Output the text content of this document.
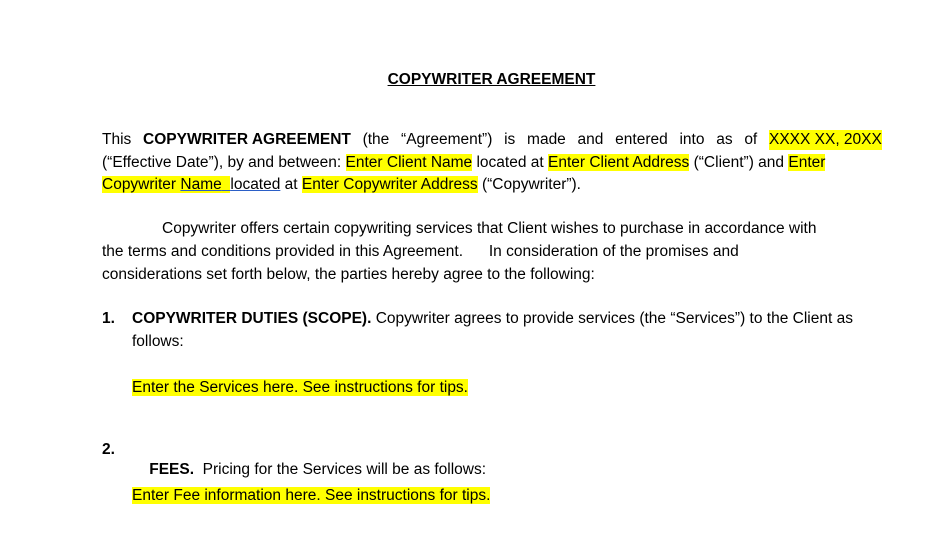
COPYWRITER AGREEMENT
This COPYWRITER AGREEMENT (the “Agreement”) is made and entered into as of XXXX XX, 20XX
(“Effective Date”), by and between: Enter Client Name located at Enter Client Address (“Client”) and Enter
Copywriter Name located at Enter Copywriter Address (“Copywriter”).
Copywriter offers certain copywriting services that Client wishes to purchase in accordance with
the terms and conditions provided in this Agreement.      In consideration of the promises and
considerations set forth below, the parties hereby agree to the following:
1. COPYWRITER DUTIES (SCOPE). Copywriter agrees to provide services (the “Services”) to the Client as
follows:
Enter the Services here. See instructions for tips.
2.

FEES.  Pricing for the Services will be as follows:

Enter Fee information here. See instructions for tips.
